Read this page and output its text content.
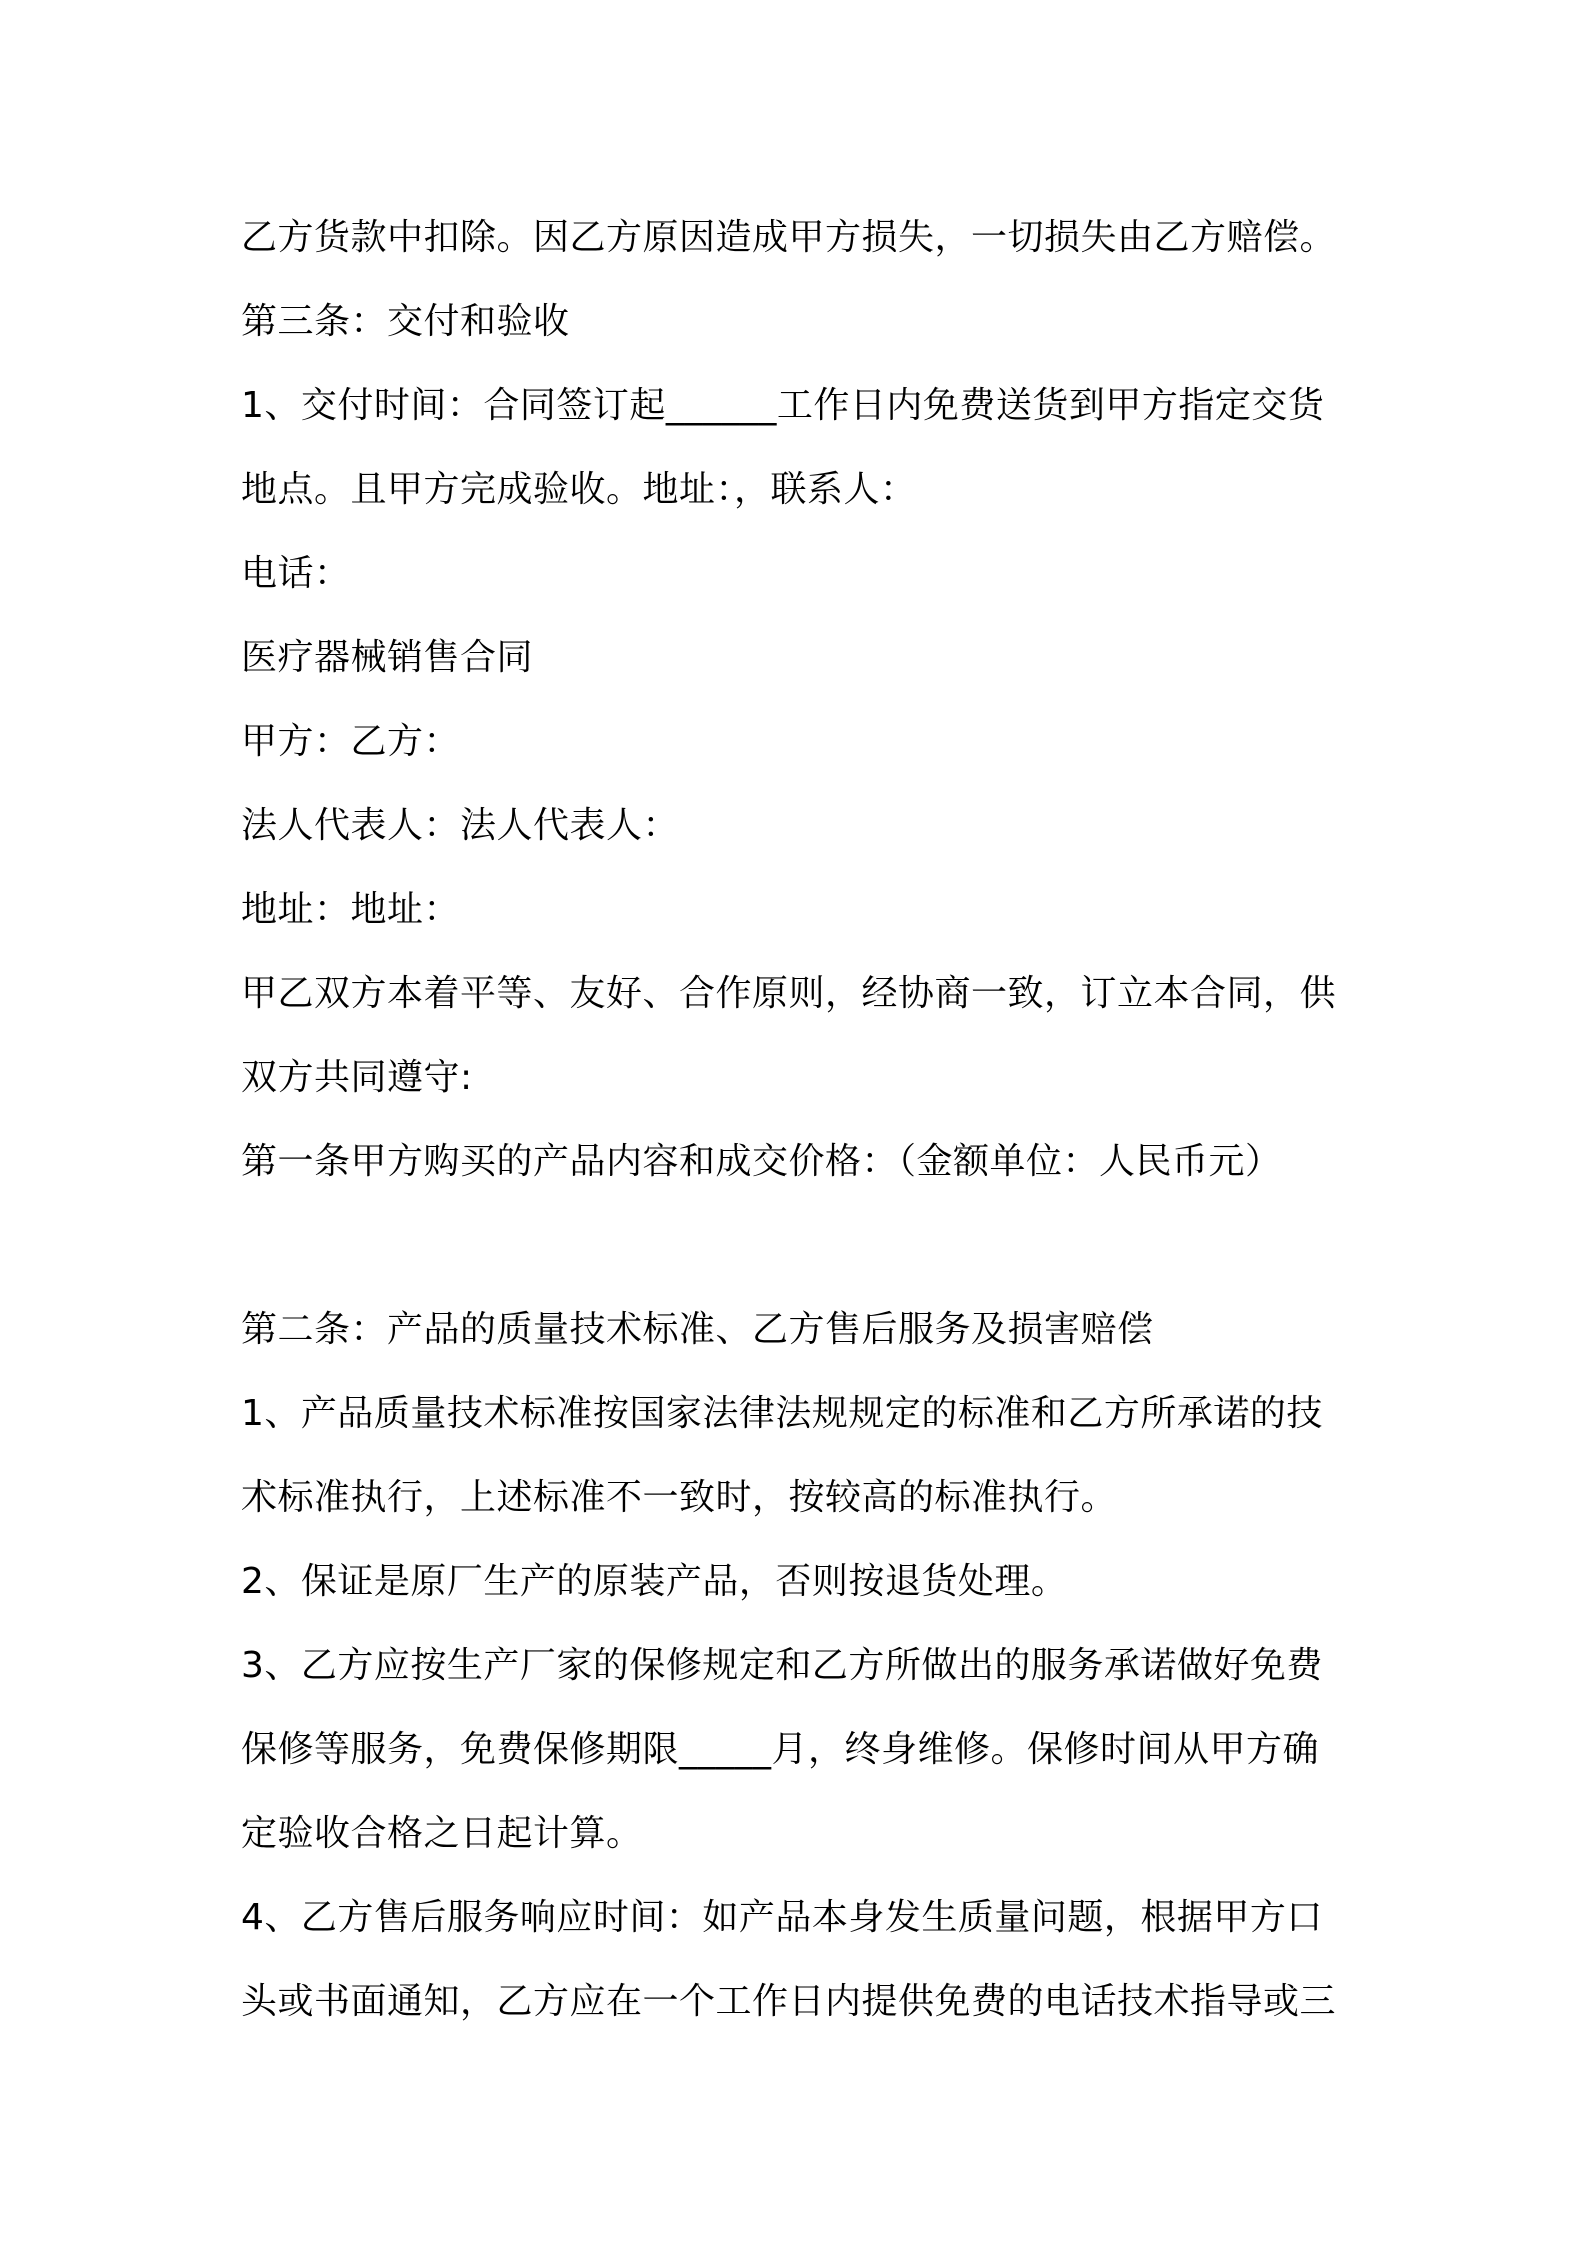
乙方货款中扣除。因乙方原因造成甲方损失，一切损失由乙方赔偿。
第三条：交付和验收
1、交付时间：合同签订起______工作日内免费送货到甲方指定交货
地点。且甲方完成验收。地址：，联系人：
电话：
医疗器械销售合同
甲方：乙方：
法人代表人：法人代表人：
地址：地址：
甲乙双方本着平等、友好、合作原则，经协商一致，订立本合同，供
双方共同遵守:
第一条甲方购买的产品内容和成交价格：（金额单位：人民币元）
第二条：产品的质量技术标准、乙方售后服务及损害赔偿
1、产品质量技术标准按国家法律法规规定的标准和乙方所承诺的技
术标准执行，上述标准不一致时，按较高的标准执行。
2、保证是原厂生产的原装产品，否则按退货处理。
3、乙方应按生产厂家的保修规定和乙方所做出的服务承诺做好免费
保修等服务，免费保修期限_____月，终身维修。保修时间从甲方确
定验收合格之日起计算。
4、乙方售后服务响应时间：如产品本身发生质量问题，根据甲方口
头或书面通知，乙方应在一个工作日内提供免费的电话技术指导或三
